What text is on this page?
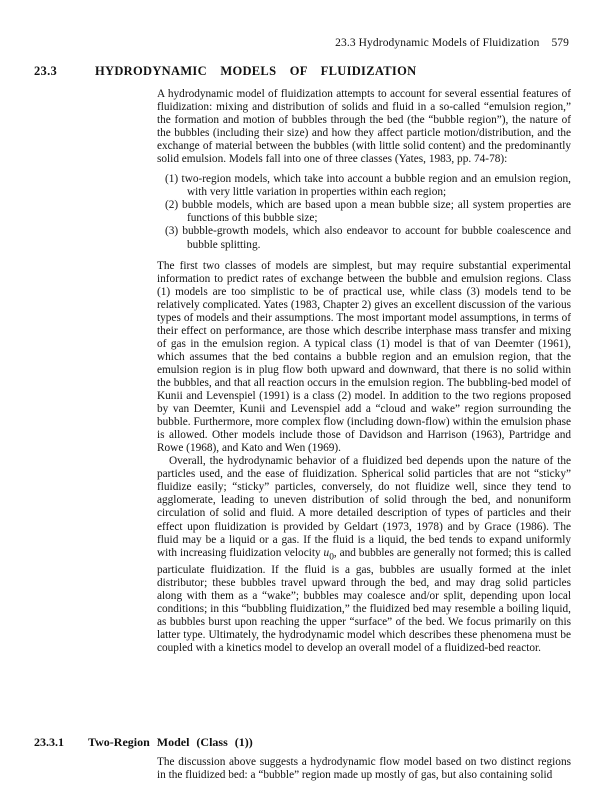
23.3 Hydrodynamic Models of Fluidization 579
23.3	HYDRODYNAMIC MODELS OF FLUIDIZATION

A hydrodynamic model of fluidization attempts to account for several essential features of fluidization: mixing and distribution of solids and fluid in a so-called “emulsion region,” the formation and motion of bubbles through the bed (the “bubble region”), the nature of the bubbles (including their size) and how they affect particle motion/distribution, and the exchange of material between the bubbles (with little solid content) and the predominantly solid emulsion. Models fall into one of three classes (Yates, 1983, pp. 74-78):

(1) two-region models, which take into account a bubble region and an emulsion region, with very little variation in properties within each region;
(2) bubble models, which are based upon a mean bubble size; all system properties are functions of this bubble size;
(3) bubble-growth models, which also endeavor to account for bubble coalescence and bubble splitting.

The first two classes of models are simplest, but may require substantial experimental information to predict rates of exchange between the bubble and emulsion regions. Class (1) models are too simplistic to be of practical use, while class (3) models tend to be relatively complicated. Yates (1983, Chapter 2) gives an excellent discussion of the various types of models and their assumptions. The most important model assumptions, in terms of their effect on performance, are those which describe interphase mass transfer and mixing of gas in the emulsion region. A typical class (1) model is that of van Deemter (1961), which assumes that the bed contains a bubble region and an emulsion region, that the emulsion region is in plug flow both upward and downward, that there is no solid within the bubbles, and that all reaction occurs in the emulsion region. The bubbling-bed model of Kunii and Levenspiel (1991) is a class (2) model. In addition to the two regions proposed by van Deemter, Kunii and Levenspiel add a “cloud and wake” region surrounding the bubble. Furthermore, more complex flow (including down-flow) within the emulsion phase is allowed. Other models include those of Davidson and Harrison (1963), Partridge and Rowe (1968), and Kato and Wen (1969).

Overall, the hydrodynamic behavior of a fluidized bed depends upon the nature of the particles used, and the ease of fluidization. Spherical solid particles that are not “sticky” fluidize easily; “sticky” particles, conversely, do not fluidize well, since they tend to agglomerate, leading to uneven distribution of solid through the bed, and nonuniform circulation of solid and fluid. A more detailed description of types of particles and their effect upon fluidization is provided by Geldart (1973, 1978) and by Grace (1986). The fluid may be a liquid or a gas. If the fluid is a liquid, the bed tends to expand uniformly with increasing fluidization velocity $u_0$, and bubbles are generally not formed; this is called particulate fluidization. If the fluid is a gas, bubbles are usually formed at the inlet distributor; these bubbles travel upward through the bed, and may drag solid particles along with them as a “wake”; bubbles may coalesce and/or split, depending upon local conditions; in this “bubbling fluidization,” the fluidized bed may resemble a boiling liquid, as bubbles burst upon reaching the upper “surface” of the bed. We focus primarily on this latter type. Ultimately, the hydrodynamic model which describes these phenomena must be coupled with a kinetics model to develop an overall model of a fluidized-bed reactor.

23.3.1 Two-Region Model (Class (1))

The discussion above suggests a hydrodynamic flow model based on two distinct regions in the fluidized bed: a “bubble” region made up mostly of gas, but also containing solid
